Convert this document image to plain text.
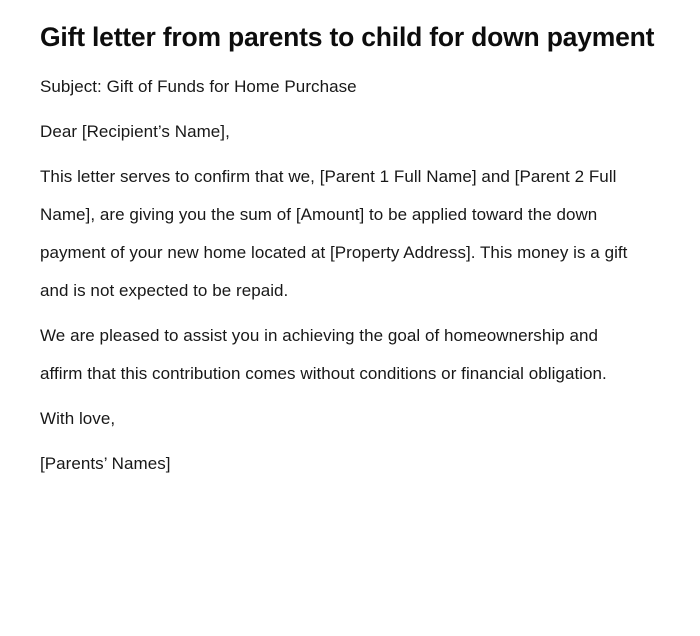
Gift letter from parents to child for down payment

Subject: Gift of Funds for Home Purchase

Dear [Recipient’s Name],

This letter serves to confirm that we, [Parent 1 Full Name] and [Parent 2 Full Name], are giving you the sum of [Amount] to be applied toward the down payment of your new home located at [Property Address]. This money is a gift and is not expected to be repaid.

We are pleased to assist you in achieving the goal of homeownership and affirm that this contribution comes without conditions or financial obligation.

With love,

[Parents’ Names]
